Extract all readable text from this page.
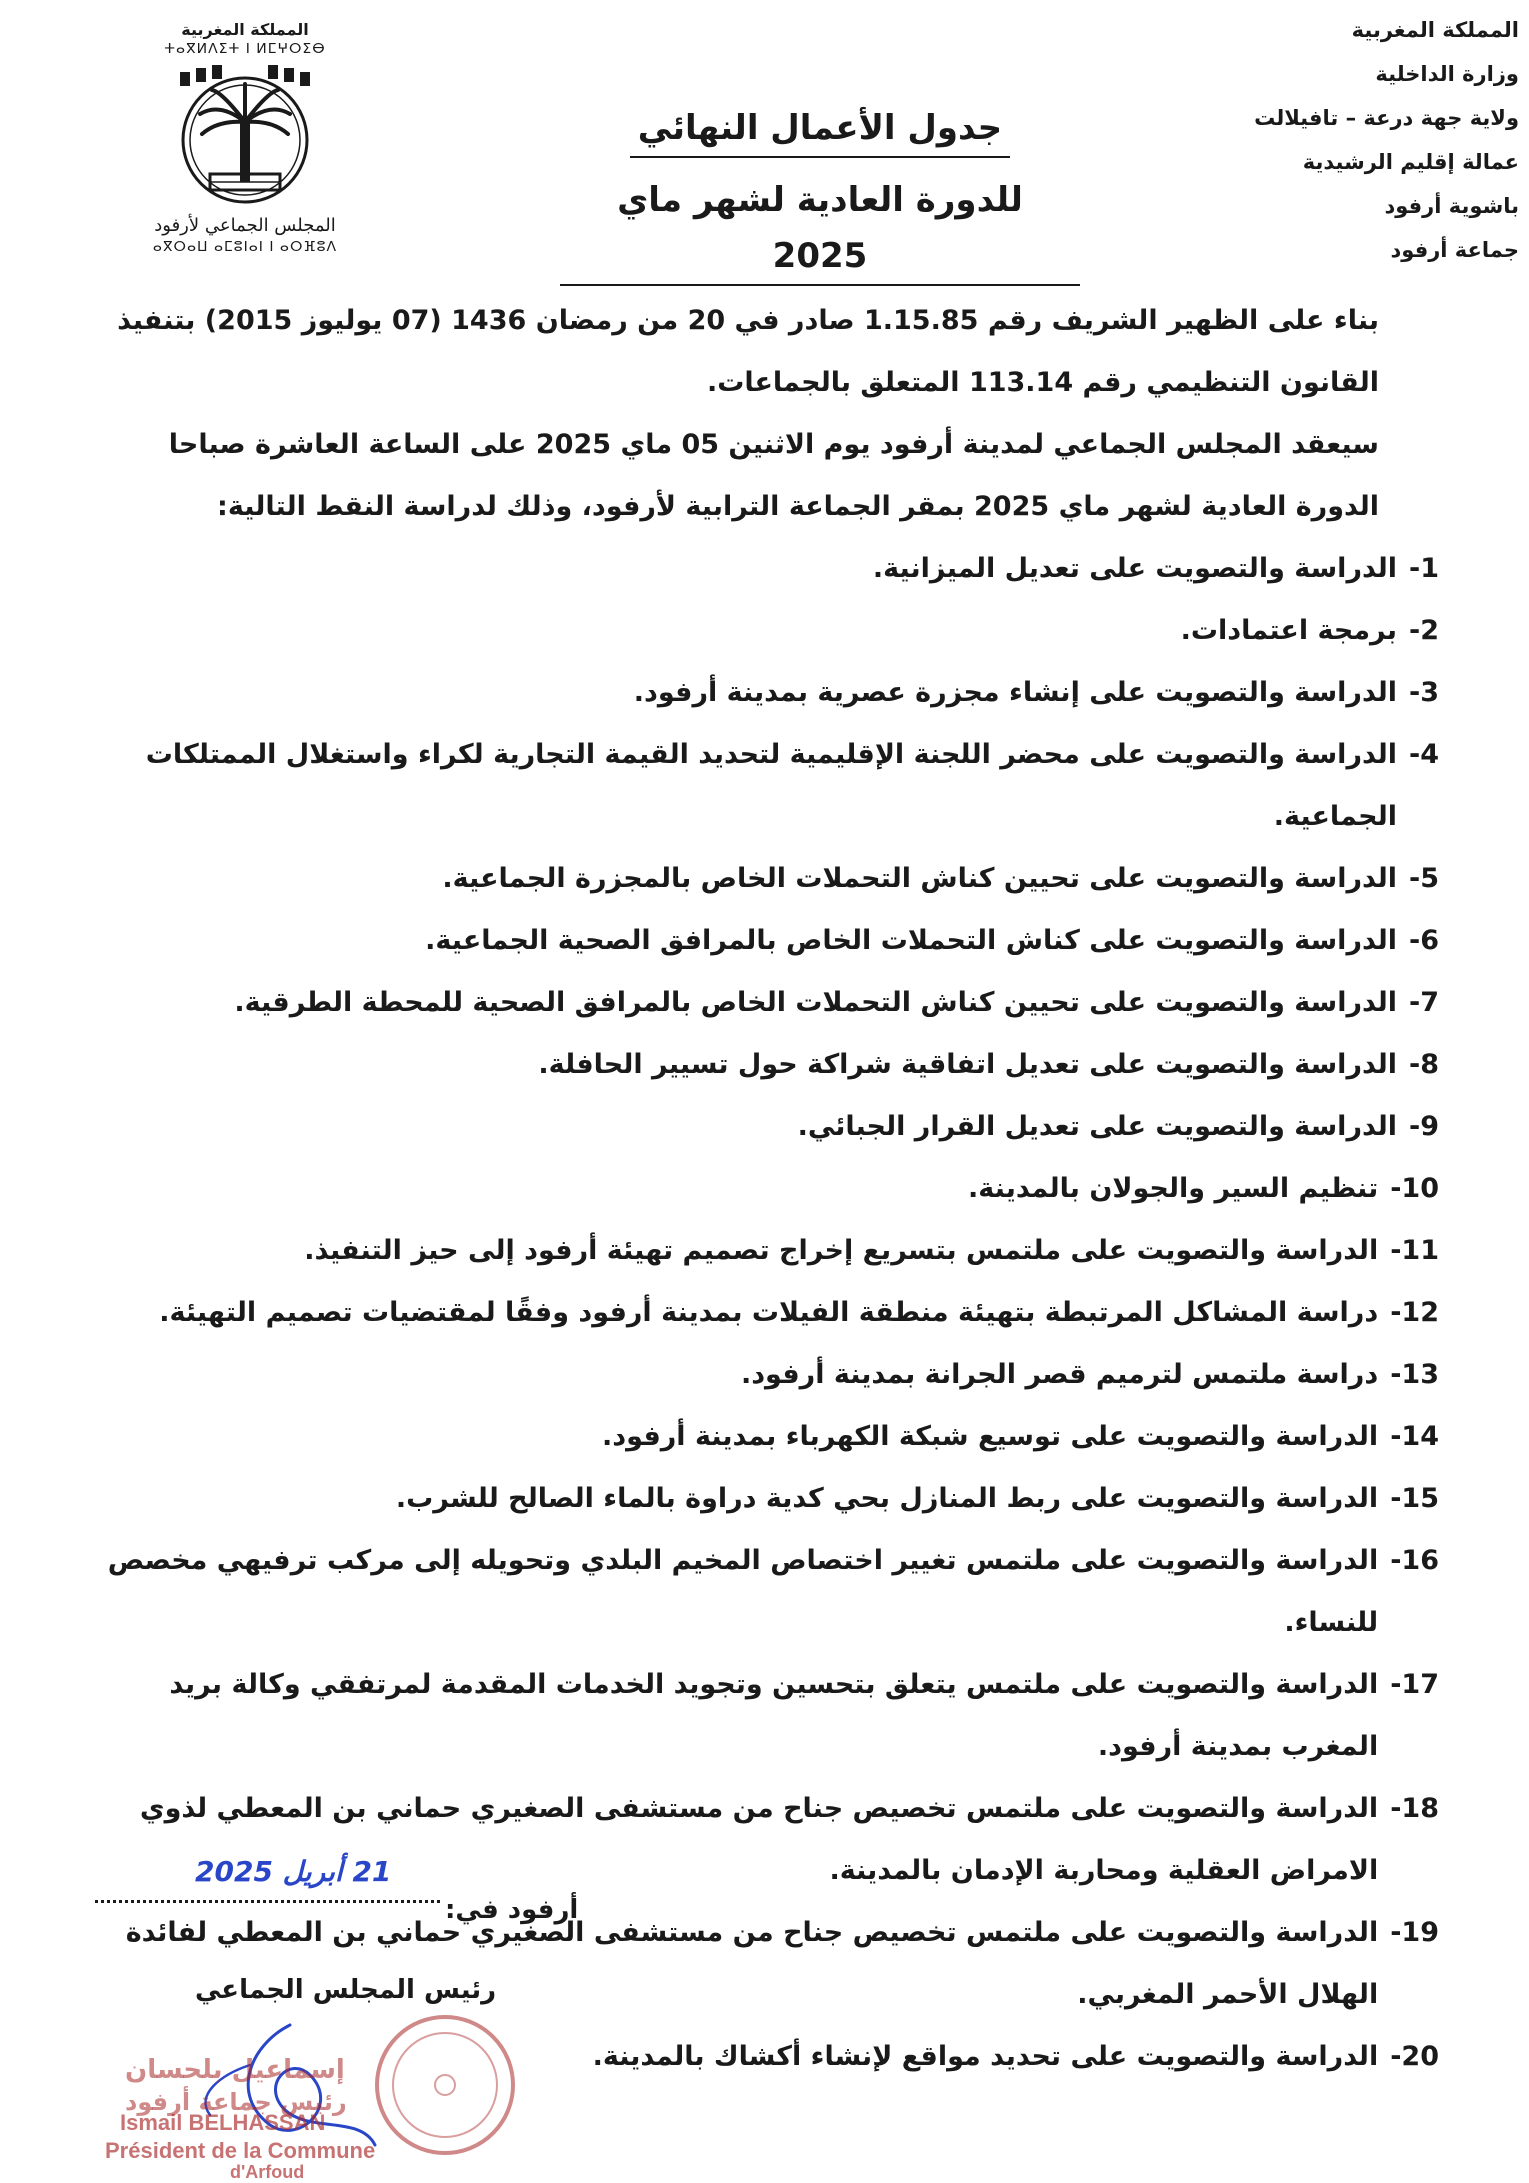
المملكة المغربية
وزارة الداخلية
ولاية جهة درعة – تافيلالت
عمالة إقليم الرشيدية
باشوية أرفود
جماعة أرفود
المملكة المغربية
ⵜⴰⴳⵍⴷⵉⵜ ⵏ ⵍⵎⵖⵔⵉⴱ
المجلس الجماعي لأرفود
ⴰⴳⵔⴰⵡ ⴰⵎⵓⵏⴰⵏ ⵏ ⴰⵔⴼⵓⴷ
جدول الأعمال النهائي
للدورة العادية لشهر ماي 2025

بناء على الظهير الشريف رقم 1.15.85 صادر في 20 من رمضان 1436 (07 يوليوز 2015) بتنفيذ القانون التنظيمي رقم 113.14 المتعلق بالجماعات.

سيعقد المجلس الجماعي لمدينة أرفود يوم الاثنين 05 ماي 2025 على الساعة العاشرة صباحا الدورة العادية لشهر ماي 2025 بمقر الجماعة الترابية لأرفود، وذلك لدراسة النقط التالية:

1-
الدراسة والتصويت على تعديل الميزانية.
2-
برمجة اعتمادات.
3-
الدراسة والتصويت على إنشاء مجزرة عصرية بمدينة أرفود.
4-
الدراسة والتصويت على محضر اللجنة الإقليمية لتحديد القيمة التجارية لكراء واستغلال الممتلكات الجماعية.
5-
الدراسة والتصويت على تحيين كناش التحملات الخاص بالمجزرة الجماعية.
6-
الدراسة والتصويت على كناش التحملات الخاص بالمرافق الصحية الجماعية.
7-
الدراسة والتصويت على تحيين كناش التحملات الخاص بالمرافق الصحية للمحطة الطرقية.
8-
الدراسة والتصويت على تعديل اتفاقية شراكة حول تسيير الحافلة.
9-
الدراسة والتصويت على تعديل القرار الجبائي.
10-
تنظيم السير والجولان بالمدينة.
11-
الدراسة والتصويت على ملتمس بتسريع إخراج تصميم تهيئة أرفود إلى حيز التنفيذ.
12-
دراسة المشاكل المرتبطة بتهيئة منطقة الفيلات بمدينة أرفود وفقًا لمقتضيات تصميم التهيئة.
13-
دراسة ملتمس لترميم قصر الجرانة بمدينة أرفود.
14-
الدراسة والتصويت على توسيع شبكة الكهرباء بمدينة أرفود.
15-
الدراسة والتصويت على ربط المنازل بحي كدية دراوة بالماء الصالح للشرب.
16-
الدراسة والتصويت على ملتمس تغيير اختصاص المخيم البلدي وتحويله إلى مركب ترفيهي مخصص للنساء.
17-
الدراسة والتصويت على ملتمس يتعلق بتحسين وتجويد الخدمات المقدمة لمرتفقي وكالة بريد المغرب بمدينة أرفود.
18-
الدراسة والتصويت على ملتمس تخصيص جناح من مستشفى الصغيري حماني بن المعطي لذوي الامراض العقلية ومحاربة الإدمان بالمدينة.
19-
الدراسة والتصويت على ملتمس تخصيص جناح من مستشفى الصغيري حماني بن المعطي لفائدة الهلال الأحمر المغربي.
20-
الدراسة والتصويت على تحديد مواقع لإنشاء أكشاك بالمدينة.
21 أبريل 2025
أرفود في:
رئيس المجلس الجماعي
إسماعيل بلحسان
رئيس جماعة أرفود
Ismail BELHASSAN
Président de la Commune
d'Arfoud
